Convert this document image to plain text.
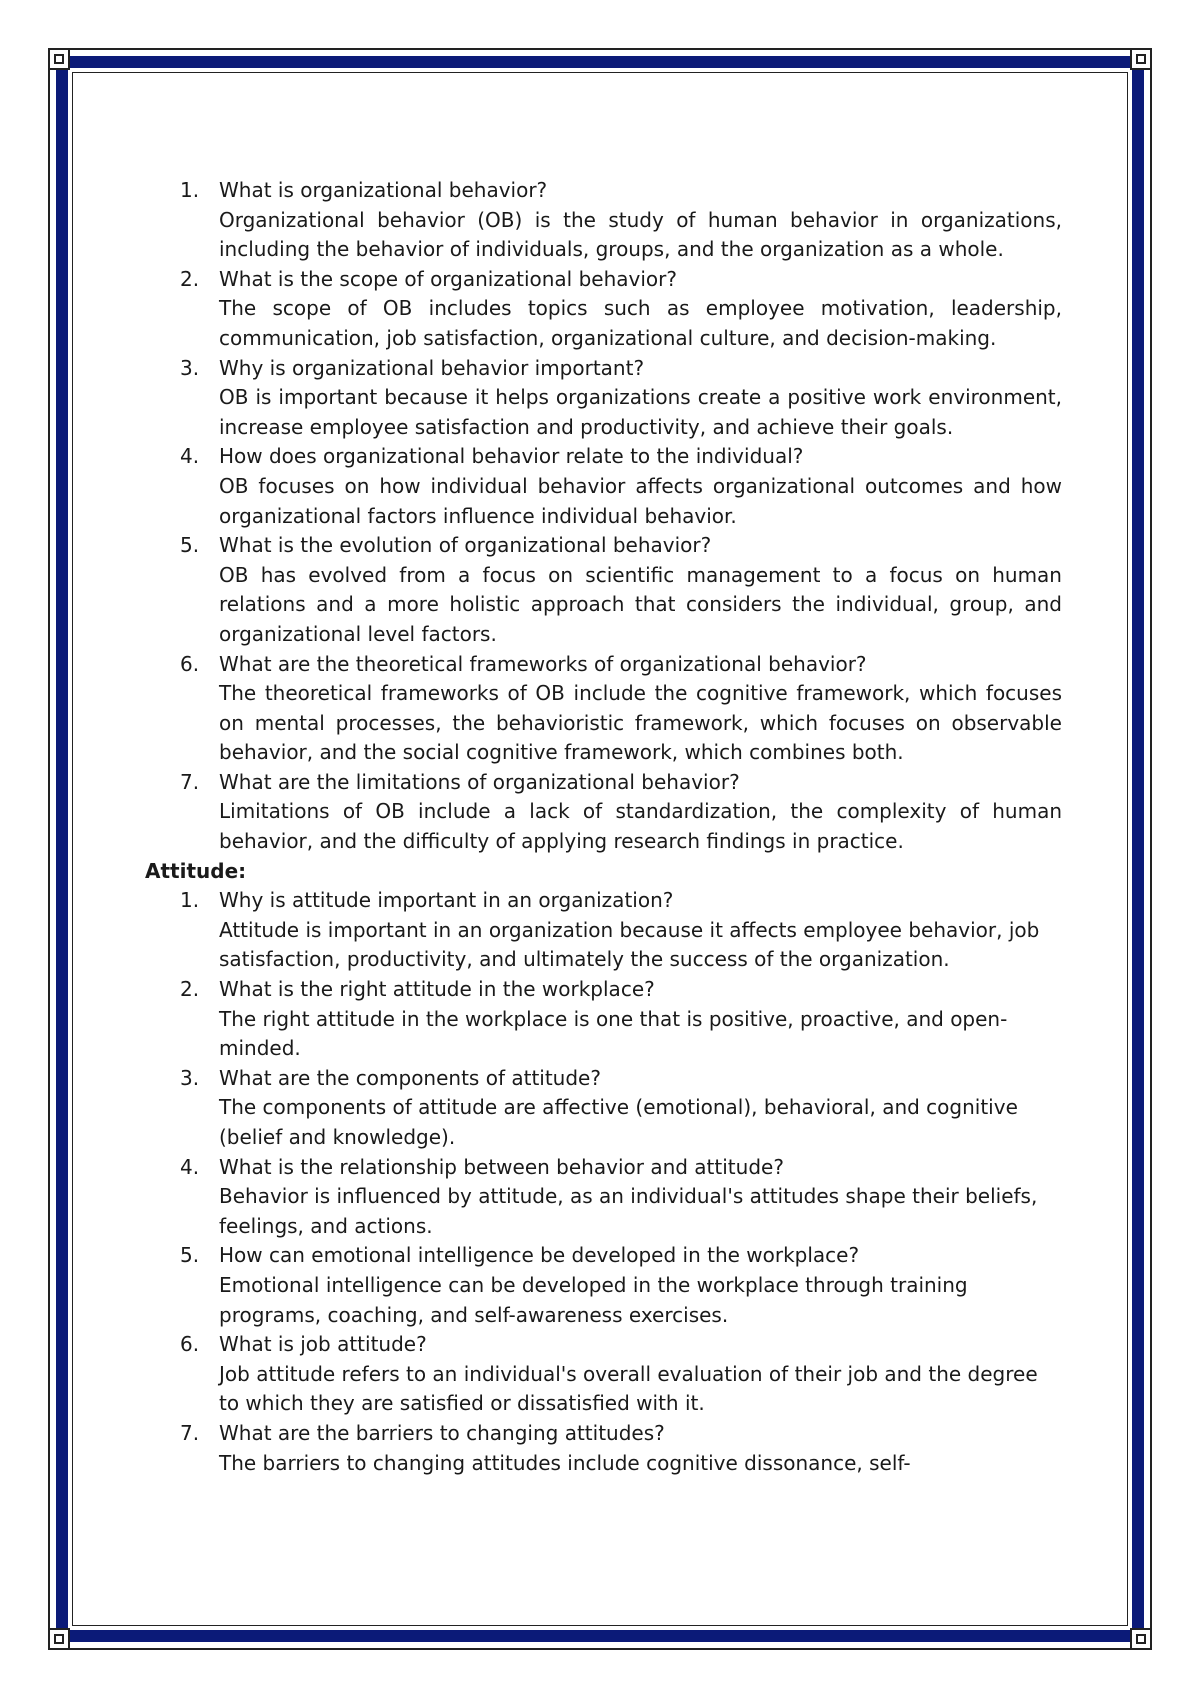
1. What is organizational behavior?

Organizational behavior (OB) is the study of human behavior in organizations, including the behavior of individuals, groups, and the organization as a whole.

2. What is the scope of organizational behavior?

The scope of OB includes topics such as employee motivation, leadership, communication, job satisfaction, organizational culture, and decision-making.

3. Why is organizational behavior important?

OB is important because it helps organizations create a positive work environment, increase employee satisfaction and productivity, and achieve their goals.

4. How does organizational behavior relate to the individual?

OB focuses on how individual behavior affects organizational outcomes and how organizational factors influence individual behavior.

5. What is the evolution of organizational behavior?

OB has evolved from a focus on scientific management to a focus on human relations and a more holistic approach that considers the individual, group, and organizational level factors.

6. What are the theoretical frameworks of organizational behavior?

The theoretical frameworks of OB include the cognitive framework, which focuses on mental processes, the behavioristic framework, which focuses on observable behavior, and the social cognitive framework, which combines both.

7. What are the limitations of organizational behavior?

Limitations of OB include a lack of standardization, the complexity of human behavior, and the difficulty of applying research findings in practice.

Attitude:

1. Why is attitude important in an organization?

Attitude is important in an organization because it affects employee behavior, job satisfaction, productivity, and ultimately the success of the organization.

2. What is the right attitude in the workplace?

The right attitude in the workplace is one that is positive, proactive, and open-minded.

3. What are the components of attitude?

The components of attitude are affective (emotional), behavioral, and cognitive (belief and knowledge).

4. What is the relationship between behavior and attitude?

Behavior is influenced by attitude, as an individual's attitudes shape their beliefs, feelings, and actions.

5. How can emotional intelligence be developed in the workplace?

Emotional intelligence can be developed in the workplace through training programs, coaching, and self-awareness exercises.

6. What is job attitude?

Job attitude refers to an individual's overall evaluation of their job and the degree to which they are satisfied or dissatisfied with it.

7. What are the barriers to changing attitudes?

The barriers to changing attitudes include cognitive dissonance, self-
